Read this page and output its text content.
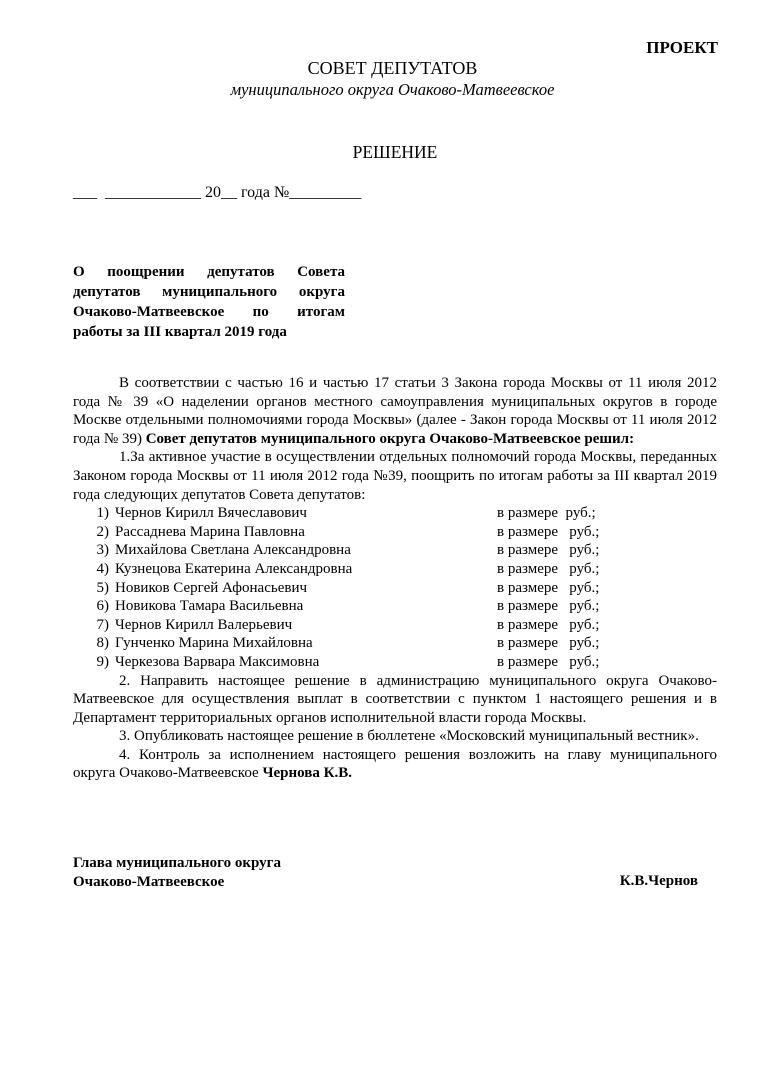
ПРОЕКТ
СОВЕТ ДЕПУТАТОВ
муниципального округа Очаково-Матвеевское
РЕШЕНИЕ
___  ____________ 20__ года №_________
О поощрении депутатов Совета
депутатов муниципального округа
Очаково-Матвеевское по итогам
работы за III квартал 2019 года

В соответствии с частью 16 и частью 17 статьи 3 Закона города Москвы от 11 июля 2012 года № 39 «О наделении органов местного самоуправления муниципальных округов в городе Москве отдельными полномочиями города Москвы» (далее - Закон города Москвы от 11 июля 2012 года № 39) Совет депутатов муниципального округа Очаково-Матвеевское решил:

1.За активное участие в осуществлении отдельных полномочий города Москвы, переданных Законом города Москвы от 11 июля 2012 года №39, поощрить по итогам работы за III квартал 2019 года следующих депутатов Совета депутатов:

1) Чернов Кирилл Вячеславович	в размере  руб.;
2) Рассаднева Марина Павловна	в размере   руб.;
3) Михайлова Светлана Александровна	в размере   руб.;
4) Кузнецова Екатерина Александровна	в размере   руб.;
5) Новиков Сергей Афонасьевич	в размере   руб.;
6) Новикова Тамара Васильевна	в размере   руб.;
7) Чернов Кирилл Валерьевич	в размере   руб.;
8) Гунченко Марина Михайловна	в размере   руб.;
9) Черкезова Варвара Максимовна	в размере   руб.;

2. Направить настоящее решение в администрацию муниципального округа Очаково-Матвеевское для осуществления выплат в соответствии с пунктом 1 настоящего решения и в Департамент территориальных органов исполнительной власти города Москвы.

3. Опубликовать настоящее решение в бюллетене «Московский муниципальный вестник».

4. Контроль за исполнением настоящего решения возложить на главу муниципального округа Очаково-Матвеевское Чернова К.В.

Глава муниципального округа
Очаково-Матвеевское	К.В.Чернов
